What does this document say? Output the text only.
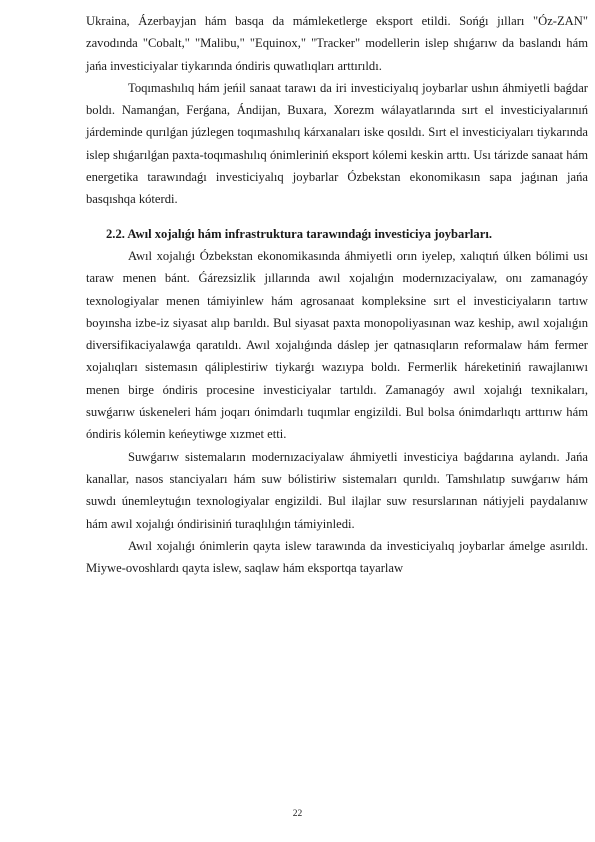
Ukraina, Ázerbayjan hám basqa da mámleketlerge eksport etildi. Sońǵı jılları "Óz-ZAN" zavodında "Cobalt," "Malibu," "Equinox," "Tracker" modellerin islep shıǵarıw da baslandı hám jańa investiciyalar tiykarında óndiris quwatlıqları arttırıldı.

Toqımashılıq hám jeńil sanaat tarawı da iri investiciyalıq joybarlar ushın áhmiyetli baǵdar boldı. Namanǵan, Ferǵana, Ándijan, Buxara, Xorezm wálayatlarında sırt el investiciyalarınıń járdeminde qurılǵan júzlegen toqımashılıq kárxanaları iske qosıldı. Sırt el investiciyaları tiykarında islep shıǵarılǵan paxta-toqımashılıq ónimleriniń eksport kólemi keskin arttı. Usı tárizde sanaat hám energetika tarawındaǵı investiciyalıq joybarlar Ózbekstan ekonomikasın sapa jaǵınan jańa basqıshqa kóterdi.

2.2. Awıl xojalıǵı hám infrastruktura tarawındaǵı investiciya joybarları.

Awıl xojalıǵı Ózbekstan ekonomikasında áhmiyetli orın iyelep, xalıqtıń úlken bólimi usı taraw menen bánt. Ǵárezsizlik jıllarında awıl xojalıǵın modernızaciyalaw, onı zamanagóy texnologiyalar menen támiyinlew hám agrosanaat kompleksine sırt el investiciyaların tartıw boyınsha izbe-iz siyasat alıp barıldı. Bul siyasat paxta monopoliyasınan waz keship, awıl xojalıǵın diversifikaciyalawǵa qaratıldı. Awıl xojalıǵında dáslep jer qatnasıqların reformalaw hám fermer xojalıqları sistemasın qáliplestiriw tiykarǵı wazıypa boldı. Fermerlik háreketiniń rawajlanıwı menen birge óndiris procesine investiciyalar tartıldı. Zamanagóy awıl xojalıǵı texnikaları, suwǵarıw úskeneleri hám joqarı ónimdarlı tuqımlar engizildi. Bul bolsa ónimdarlıqtı arttırıw hám óndiris kólemin keńeytiwge xızmet etti.

Suwǵarıw sistemaların modernızaciyalaw áhmiyetli investiciya baǵdarına aylandı. Jańa kanallar, nasos stanciyaları hám suw bólistiriw sistemaları qurıldı. Tamshılatıp suwǵarıw hám suwdı únemleytuǵın texnologiyalar engizildi. Bul ilajlar suw resurslarınan nátiyjeli paydalanıw hám awıl xojalıǵı óndirisiniń turaqlılıǵın támiyinledi.

Awıl xojalıǵı ónimlerin qayta islew tarawında da investiciyalıq joybarlar ámelge asırıldı. Miywe-ovoshlardı qayta islew, saqlaw hám eksportqa tayarlaw

22
